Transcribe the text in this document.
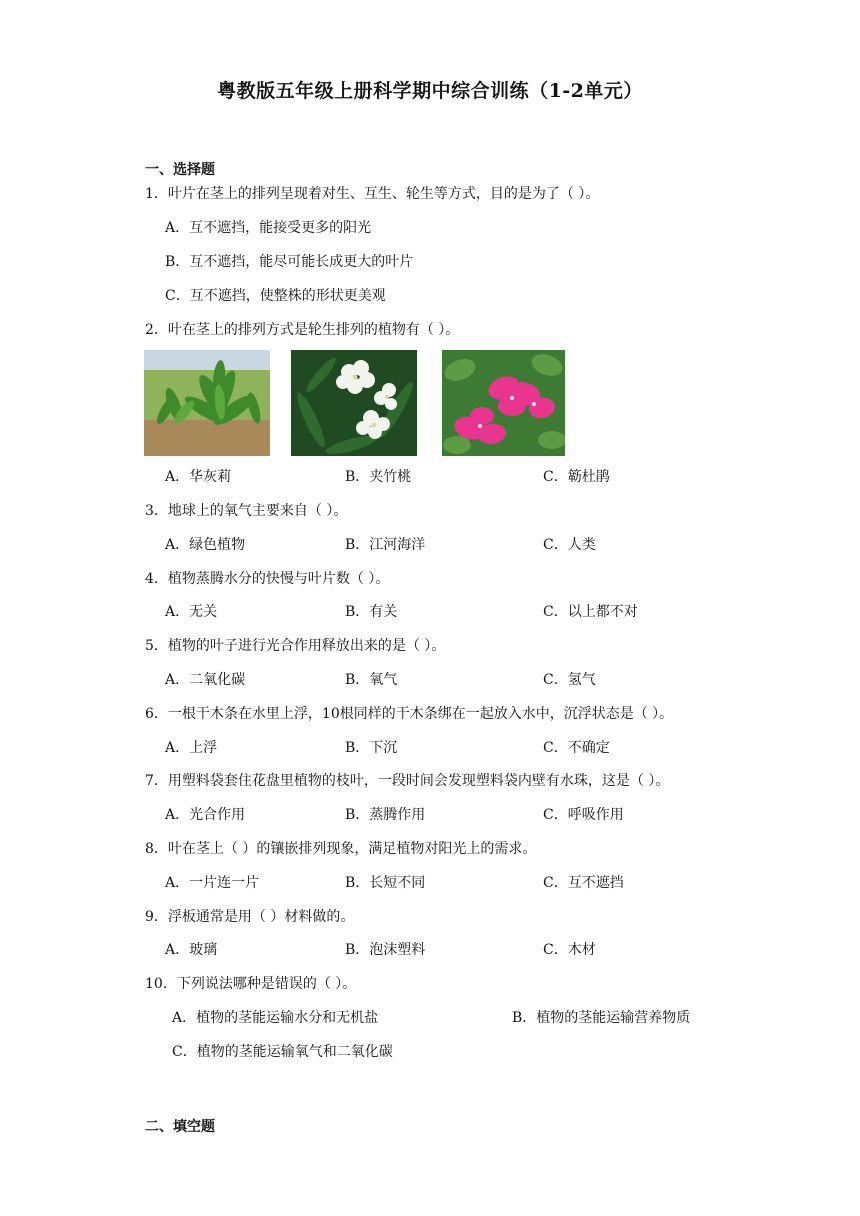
粤教版五年级上册科学期中综合训练（1-2单元）
一、选择题
1．叶片在茎上的排列呈现着对生、互生、轮生等方式，目的是为了（ ）。
A．互不遮挡，能接受更多的阳光
B．互不遮挡，能尽可能长成更大的叶片
C．互不遮挡，使整株的形状更美观
2．叶在茎上的排列方式是轮生排列的植物有（ ）。
A．华灰莉	B．夹竹桃	C．簕杜鹃
3．地球上的氧气主要来自（ ）。
A．绿色植物	B．江河海洋	C．人类
4．植物蒸腾水分的快慢与叶片数（ ）。
A．无关	B．有关	C．以上都不对
5．植物的叶子进行光合作用释放出来的是（ ）。
A．二氧化碳	B．氧气	C．氢气
6．一根干木条在水里上浮，10根同样的干木条绑在一起放入水中，沉浮状态是（ ）。
A．上浮	B．下沉	C．不确定
7．用塑料袋套住花盘里植物的枝叶，一段时间会发现塑料袋内壁有水珠，这是（ ）。
A．光合作用	B．蒸腾作用	C．呼吸作用
8．叶在茎上（ ）的镶嵌排列现象，满足植物对阳光上的需求。
A．一片连一片	B．长短不同	C．互不遮挡
9．浮板通常是用（ ）材料做的。
A．玻璃	B．泡沫塑料	C．木材
10．下列说法哪种是错误的（ ）。
A．植物的茎能运输水分和无机盐	B．植物的茎能运输营养物质
C．植物的茎能运输氧气和二氧化碳
二、填空题
